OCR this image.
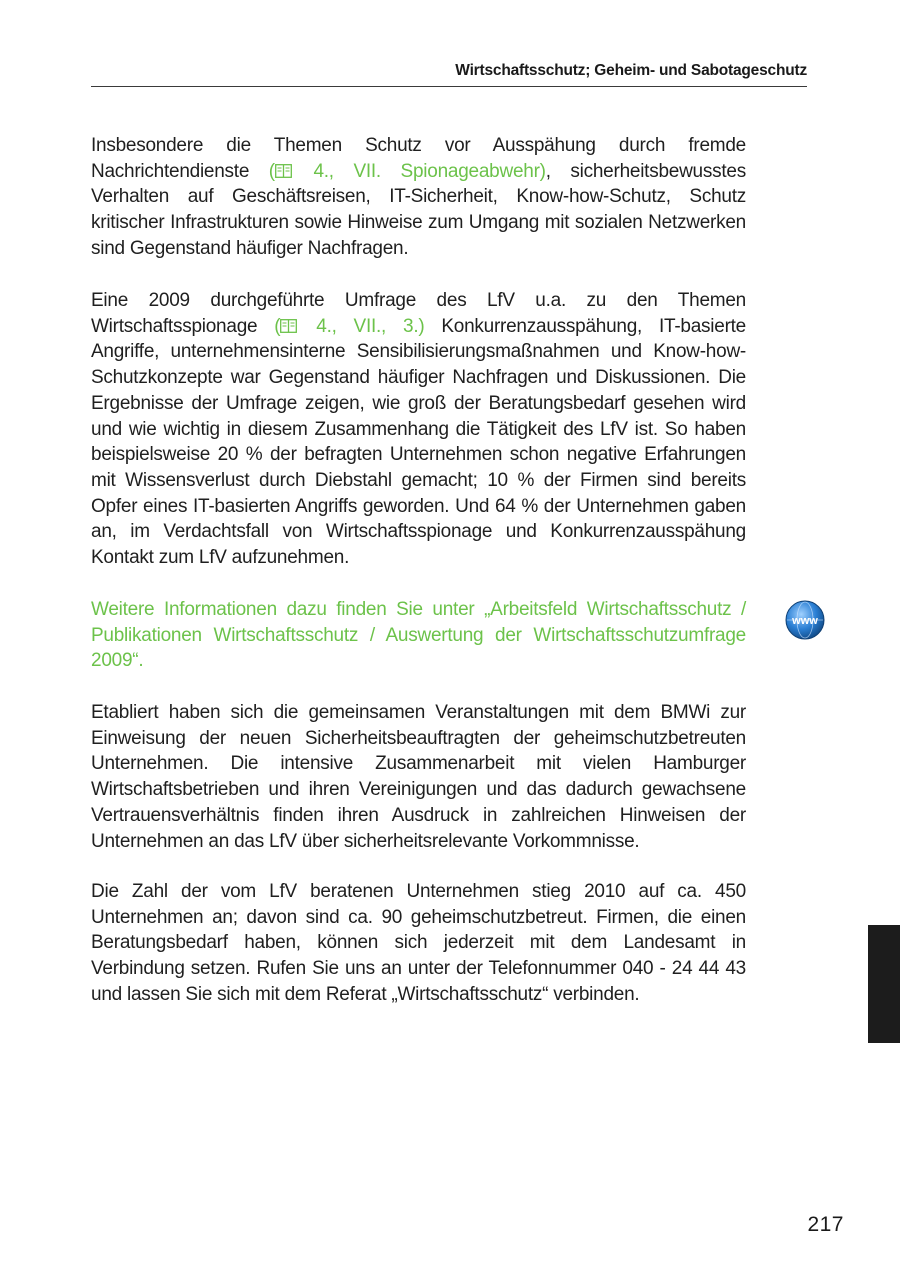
Wirtschaftsschutz; Geheim- und Sabotageschutz

Insbesondere die Themen Schutz vor Ausspähung durch fremde Nachrichtendienste ( 4., VII. Spionageabwehr), sicherheitsbewusstes Verhalten auf Geschäftsreisen, IT-Sicherheit, Know-how-Schutz, Schutz kritischer Infrastrukturen sowie Hinweise zum Umgang mit sozialen Netzwerken sind Gegenstand häufiger Nachfragen.

Eine 2009 durchgeführte Umfrage des LfV u.a. zu den Themen Wirtschaftsspionage ( 4., VII., 3.) Konkurrenzausspähung, IT-basierte Angriffe, unternehmensinterne Sensibilisierungsmaßnahmen und Know-how-Schutzkonzepte war Gegenstand häufiger Nachfragen und Diskussionen. Die Ergebnisse der Umfrage zeigen, wie groß der Beratungsbedarf gesehen wird und wie wichtig in diesem Zusammenhang die Tätigkeit des LfV ist. So haben beispielsweise 20 % der befragten Unternehmen schon negative Erfahrungen mit Wissensverlust durch Diebstahl gemacht; 10 % der Firmen sind bereits Opfer eines IT-basierten Angriffs geworden. Und 64 % der Unternehmen gaben an, im Verdachtsfall von Wirtschaftsspionage und Konkurrenzausspähung Kontakt zum LfV aufzunehmen.

Weitere Informationen dazu finden Sie unter „Arbeitsfeld Wirtschaftsschutz / Publikationen Wirtschaftsschutz / Auswertung der Wirtschaftsschutzumfrage 2009“.

www

Etabliert haben sich die gemeinsamen Veranstaltungen mit dem BMWi zur Einweisung der neuen Sicherheitsbeauftragten der geheimschutzbetreuten Unternehmen. Die intensive Zusammenarbeit mit vielen Hamburger Wirtschaftsbetrieben und ihren Vereinigungen und das dadurch gewachsene Vertrauensverhältnis finden ihren Ausdruck in zahlreichen Hinweisen der Unternehmen an das LfV über sicherheitsrelevante Vorkommnisse.

Die Zahl der vom LfV beratenen Unternehmen stieg 2010 auf ca. 450 Unternehmen an; davon sind ca. 90 geheimschutzbetreut. Firmen, die einen Beratungsbedarf haben, können sich jederzeit mit dem Landesamt in Verbindung setzen. Rufen Sie uns an unter der Telefonnummer 040 - 24 44 43 und lassen Sie sich mit dem Referat „Wirtschaftsschutz“ verbinden.

217
